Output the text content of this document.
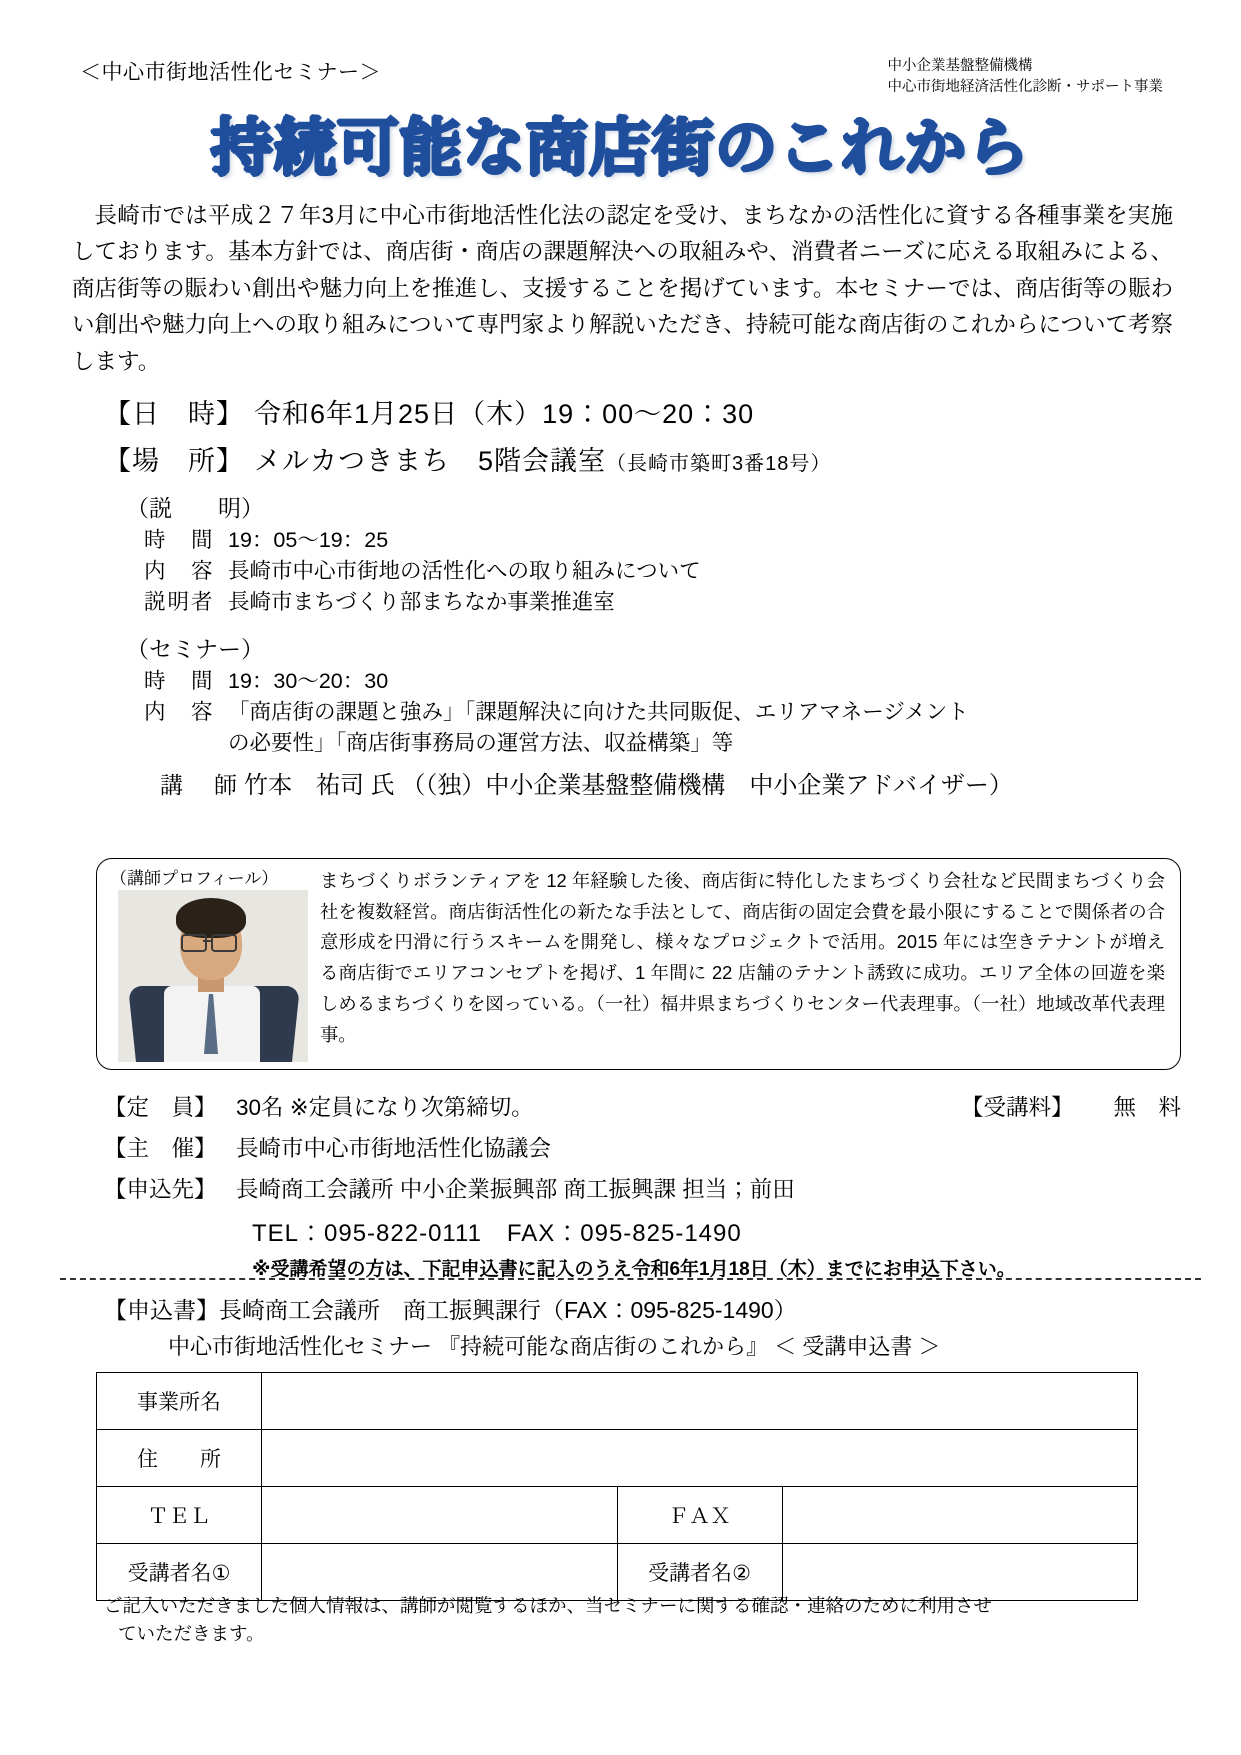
＜中心市街地活性化セミナー＞	中小企業基盤整備機構
中心市街地経済活性化診断・サポート事業
持続可能な商店街のこれから
長崎市では平成２７年3月に中心市街地活性化法の認定を受け、まちなかの活性化に資する各種事業を実施しております。基本方針では、商店街・商店の課題解決への取組みや、消費者ニーズに応える取組みによる、商店街等の賑わい創出や魅力向上を推進し、支援することを掲げています。本セミナーでは、商店街等の賑わい創出や魅力向上への取り組みについて専門家より解説いただき、持続可能な商店街のこれからについて考察します。
【日　時】 令和6年1月25日（木）19：00～20：30
【場　所】 メルカつきまち　5階会議室 （長崎市築町3番18号）
（説　　明）
時　間 19：05～19：25
内　容 長崎市中心市街地の活性化への取り組みについて
説明者 長崎市まちづくり部まちなか事業推進室
（セミナー）
時　間 19：30～20：30
内　容 「商店街の課題と強み」「課題解決に向けた共同販促、エリアマネージメント
の必要性」「商店街事務局の運営方法、収益構築」等
講　師 竹本　祐司 氏 （（独）中小企業基盤整備機構　中小企業アドバイザー）
（講師プロフィール） まちづくりボランティアを 12 年経験した後、商店街に特化したまちづくり会社など民間まちづくり会社を複数経営。商店街活性化の新たな手法として、商店街の固定会費を最小限にすることで関係者の合意形成を円滑に行うスキームを開発し、様々なプロジェクトで活用。2015 年には空きテナントが増える商店街でエリアコンセプトを掲げ、1 年間に 22 店舗のテナント誘致に成功。エリア全体の回遊を楽しめるまちづくりを図っている。（一社）福井県まちづくりセンター代表理事。（一社）地域改革代表理事。
【定　員】 30名 ※定員になり次第締切。	【受講料】 無　料
【主　催】 長崎市中心市街地活性化協議会
【申込先】 長崎商工会議所 中小企業振興部 商工振興課 担当；前田
TEL：095-822-0111　FAX：095-825-1490
※受講希望の方は、下記申込書に記入のうえ令和6年1月18日（木）までにお申込下さい。
【申込書】長崎商工会議所　商工振興課行（FAX：095-825-1490）
中心市街地活性化セミナー 『持続可能な商店街のこれから』 ＜ 受講申込書 ＞
事業所名			
住　　所			
ＴＥＬ		ＦＡＸ	
受講者名①		受講者名②	
ご記入いただきました個人情報は、講師が閲覧するほか、当セミナーに関する確認・連絡のために利用させ
ていただきます。
